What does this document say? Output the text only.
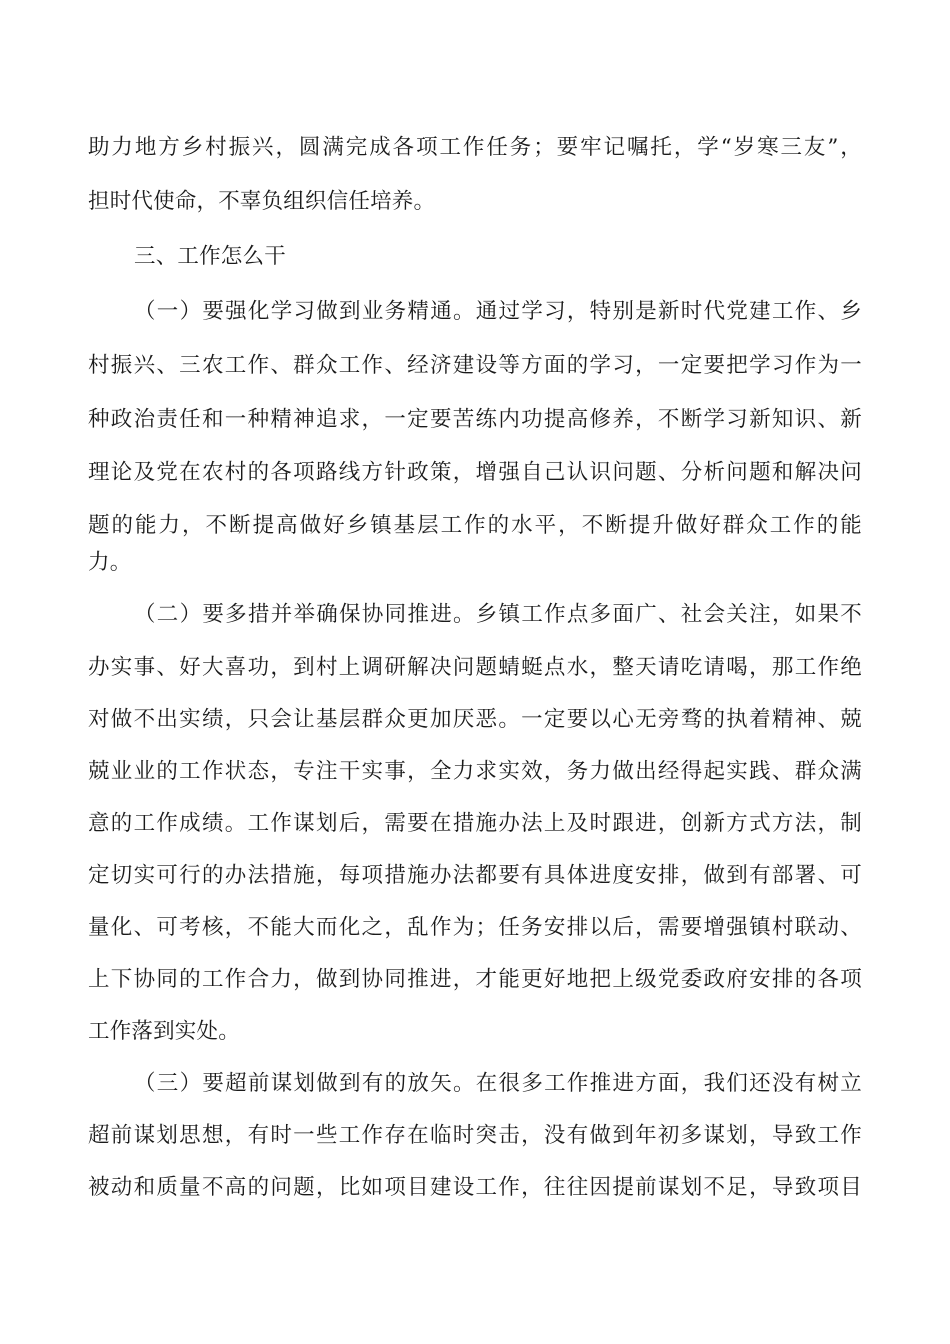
助力地方乡村振兴，圆满完成各项工作任务；要牢记嘱托，学“岁寒三友”，
担时代使命，不辜负组织信任培养。
三、工作怎么干
（一）要强化学习做到业务精通。通过学习，特别是新时代党建工作、乡
村振兴、三农工作、群众工作、经济建设等方面的学习，一定要把学习作为一
种政治责任和一种精神追求，一定要苦练内功提高修养，不断学习新知识、新
理论及党在农村的各项路线方针政策，增强自己认识问题、分析问题和解决问
题的能力，不断提高做好乡镇基层工作的水平，不断提升做好群众工作的能
力。
（二）要多措并举确保协同推进。乡镇工作点多面广、社会关注，如果不
办实事、好大喜功，到村上调研解决问题蜻蜓点水，整天请吃请喝，那工作绝
对做不出实绩，只会让基层群众更加厌恶。一定要以心无旁骛的执着精神、兢
兢业业的工作状态，专注干实事，全力求实效，务力做出经得起实践、群众满
意的工作成绩。工作谋划后，需要在措施办法上及时跟进，创新方式方法，制
定切实可行的办法措施，每项措施办法都要有具体进度安排，做到有部署、可
量化、可考核，不能大而化之，乱作为；任务安排以后，需要增强镇村联动、
上下协同的工作合力，做到协同推进，才能更好地把上级党委政府安排的各项
工作落到实处。
（三）要超前谋划做到有的放矢。在很多工作推进方面，我们还没有树立
超前谋划思想，有时一些工作存在临时突击，没有做到年初多谋划，导致工作
被动和质量不高的问题，比如项目建设工作，往往因提前谋划不足，导致项目
